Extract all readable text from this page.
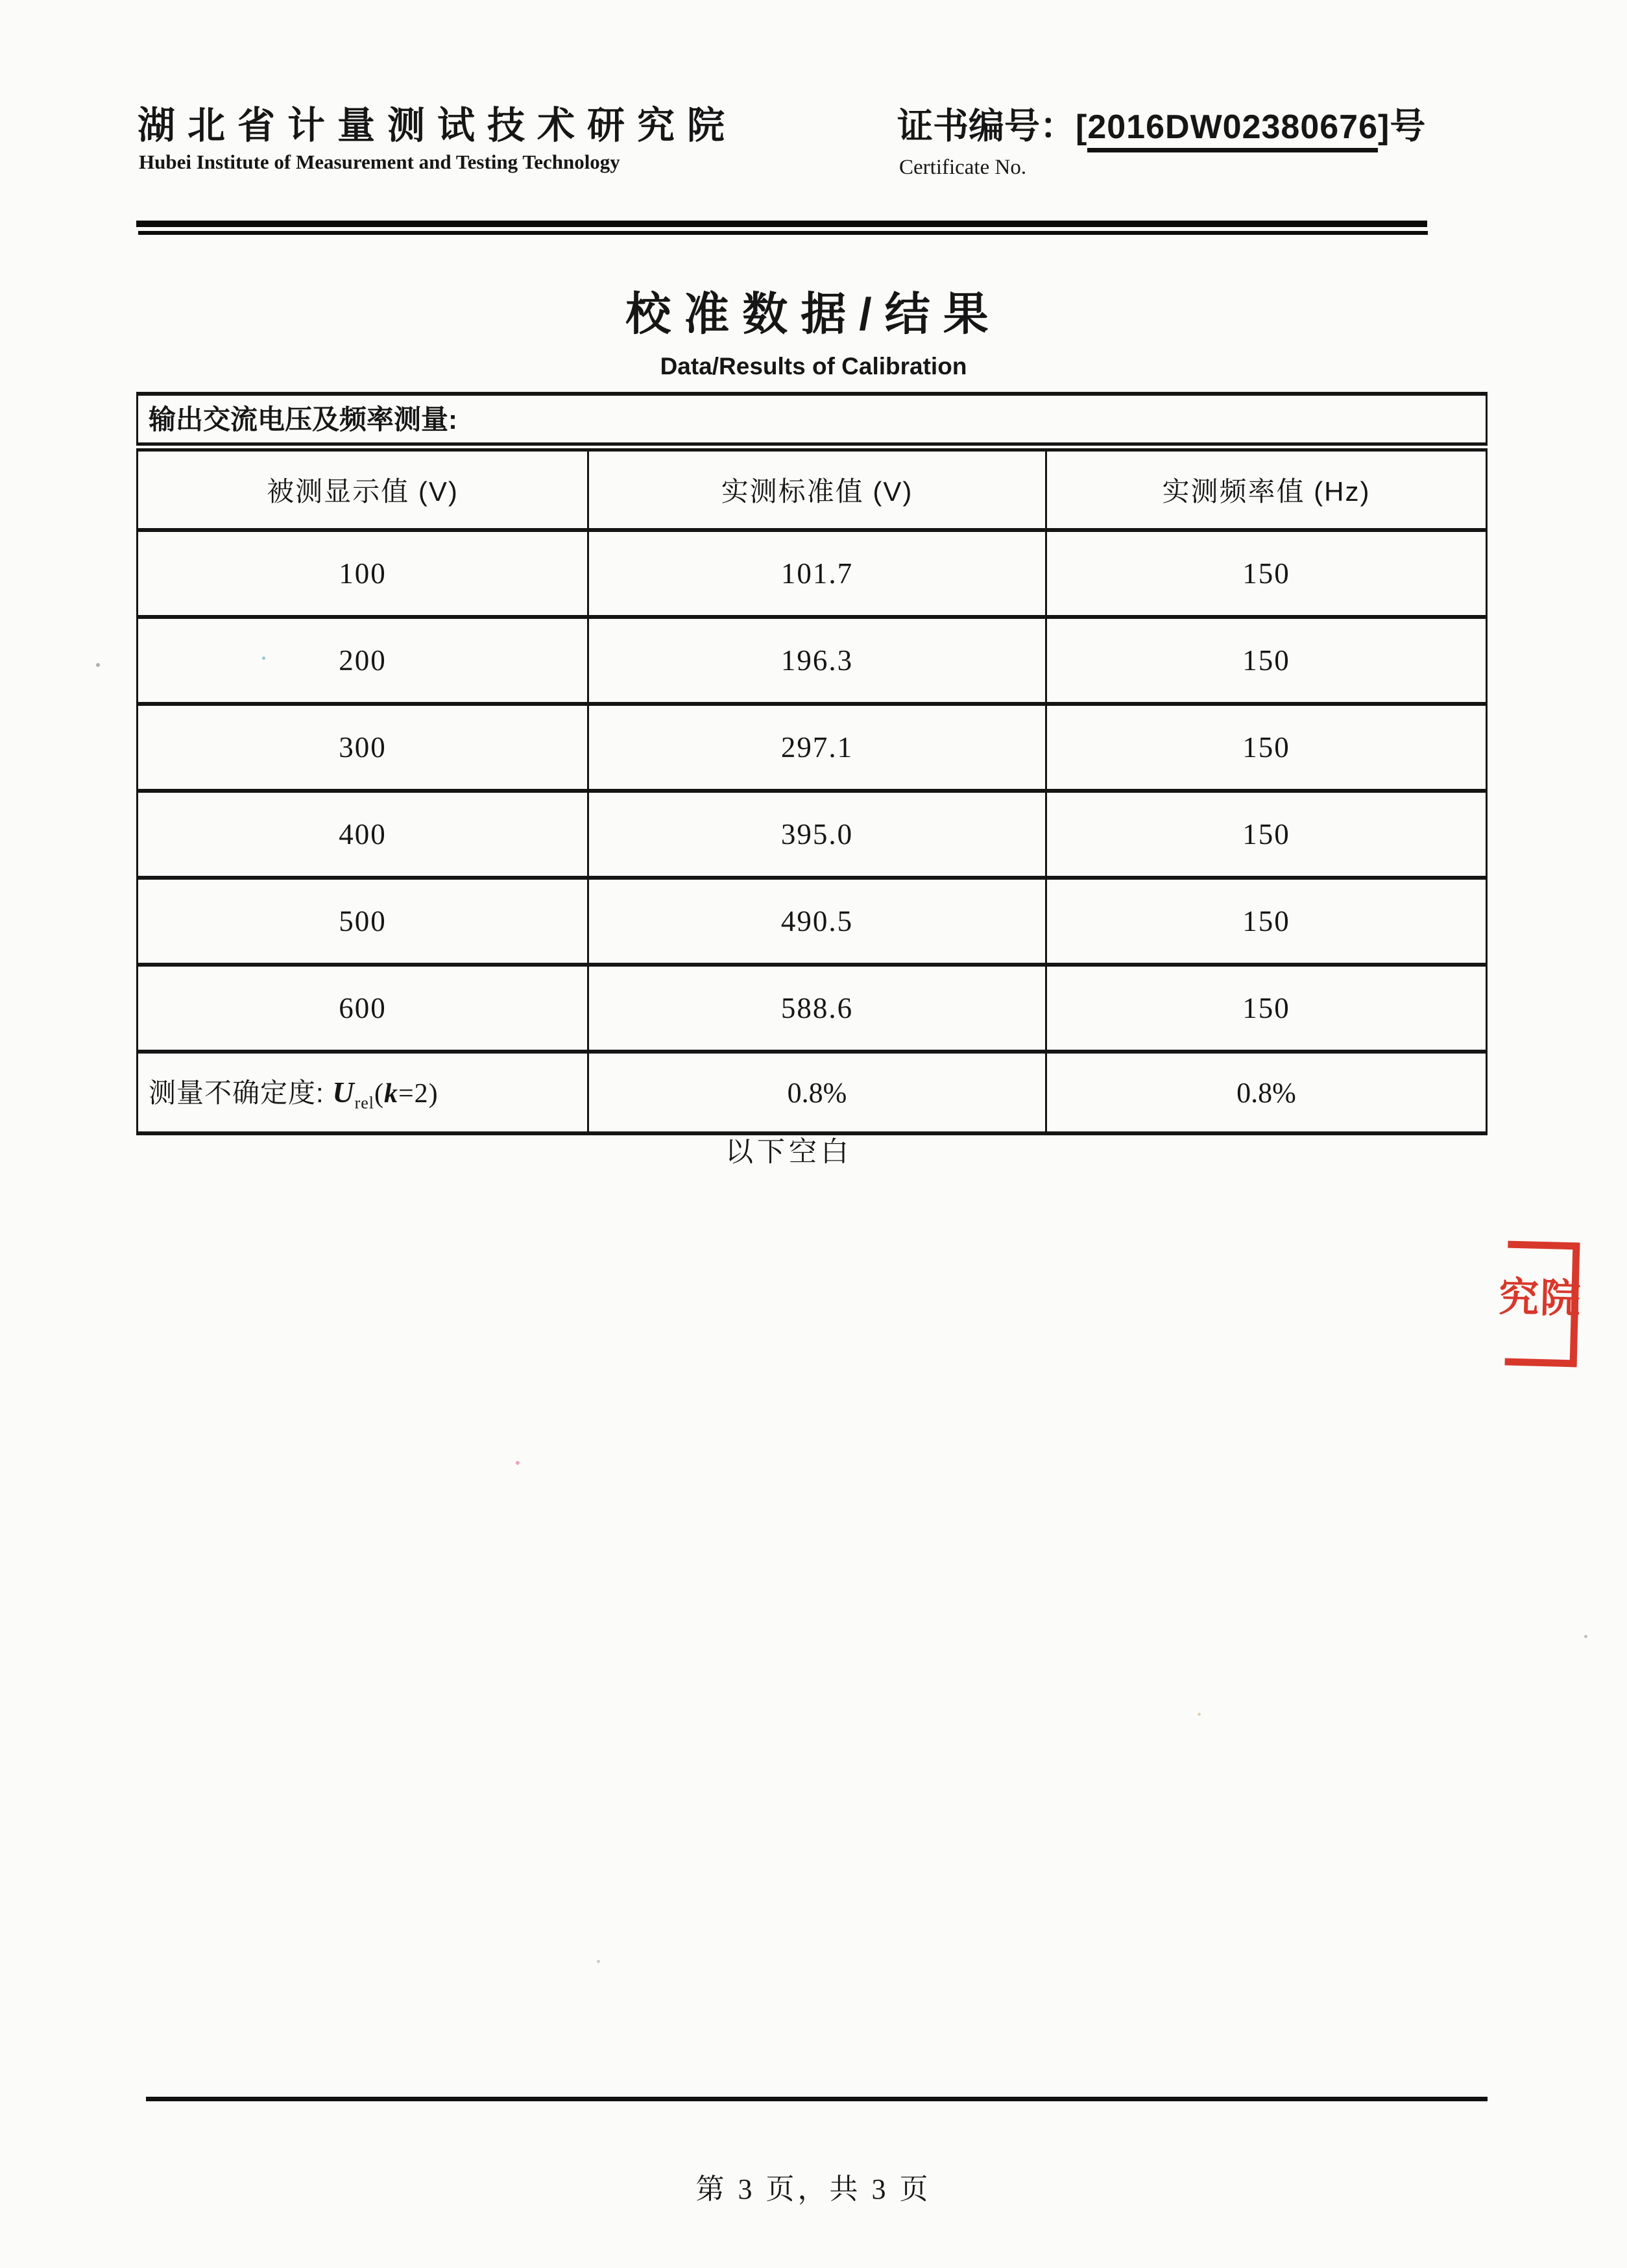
湖北省计量测试技术研究院
Hubei Institute of Measurement and Testing Technology
证书编号：[2016DW02380676]号
Certificate No.
校准数据/结果
Data/Results of Calibration
输出交流电压及频率测量:		
被测显示值 (V)	实测标准值 (V)	实测频率值 (Hz)
100	101.7	150
200	196.3	150
300	297.1	150
400	395.0	150
500	490.5	150
600	588.6	150
测量不确定度: $U_{rel}(k=2)$	0.8%	0.8%
以下空白
究院
第 3 页，共 3 页
